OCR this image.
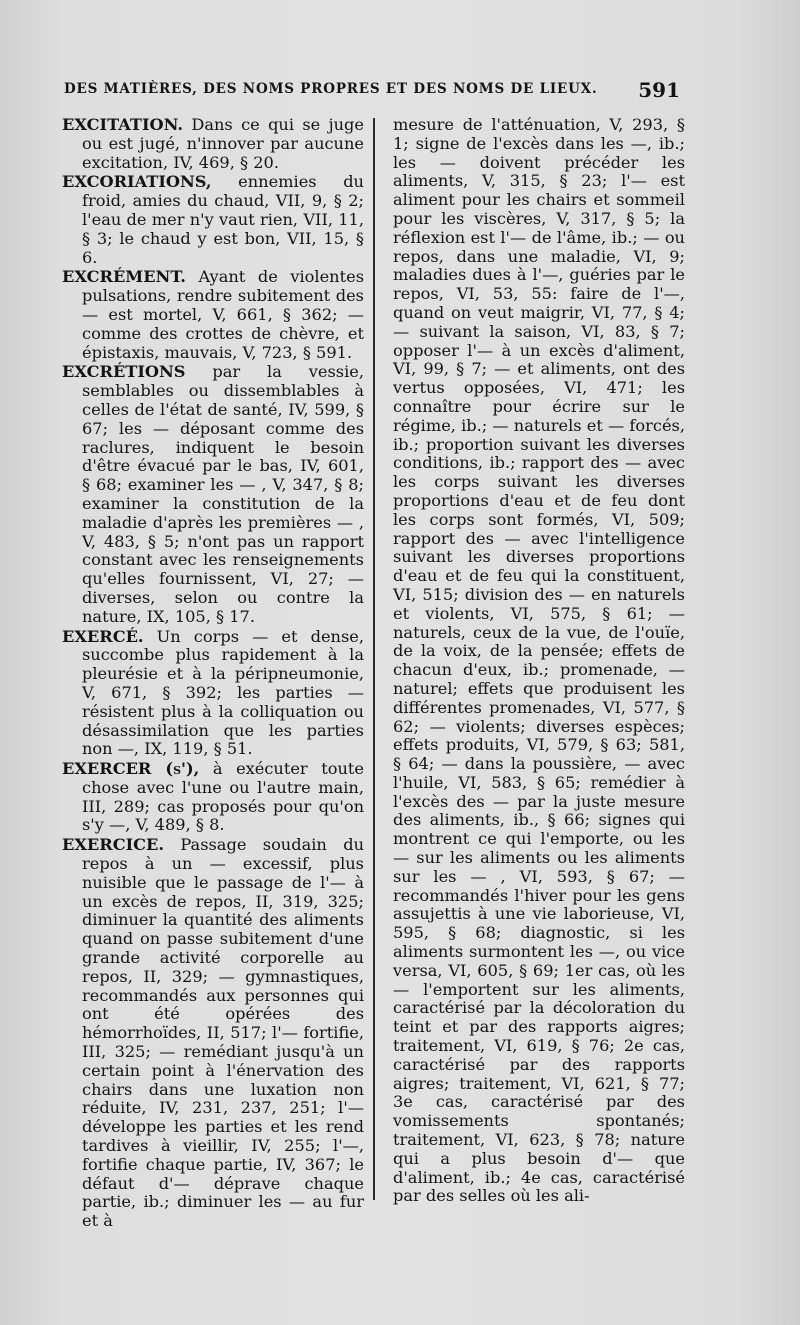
DES MATIÈRES, DES NOMS PROPRES ET DES NOMS DE LIEUX. 591

EXCITATION. Dans ce qui se juge ou est jugé, n'innover par aucune excitation, IV, 469, § 20.

EXCORIATIONS, ennemies du froid, amies du chaud, VII, 9, § 2; l'eau de mer n'y vaut rien, VII, 11, § 3; le chaud y est bon, VII, 15, § 6.

EXCRÉMENT. Ayant de violentes pulsations, rendre subitement des — est mortel, V, 661, § 362; — comme des crottes de chèvre, et épistaxis, mauvais, V, 723, § 591.

EXCRÉTIONS par la vessie, semblables ou dissemblables à celles de l'état de santé, IV, 599, § 67; les — déposant comme des raclures, indiquent le besoin d'être évacué par le bas, IV, 601, § 68; examiner les — , V, 347, § 8; examiner la constitution de la maladie d'après les premières — , V, 483, § 5; n'ont pas un rapport constant avec les renseignements qu'elles fournissent, VI, 27; — diverses, selon ou contre la nature, IX, 105, § 17.

EXERCÉ. Un corps — et dense, succombe plus rapidement à la pleurésie et à la péripneumonie, V, 671, § 392; les parties — résistent plus à la colliquation ou désassimilation que les parties non —, IX, 119, § 51.

EXERCER (s'), à exécuter toute chose avec l'une ou l'autre main, III, 289; cas proposés pour qu'on s'y —, V, 489, § 8.

EXERCICE. Passage soudain du repos à un — excessif, plus nuisible que le passage de l'— à un excès de repos, II, 319, 325; diminuer la quantité des aliments quand on passe subitement d'une grande activité corporelle au repos, II, 329; — gymnastiques, recommandés aux personnes qui ont été opérées des hémorrhoïdes, II, 517; l'— fortifie, III, 325; — remédiant jusqu'à un certain point à l'énervation des chairs dans une luxation non réduite, IV, 231, 237, 251; l'— développe les parties et les rend tardives à vieillir, IV, 255; l'—, fortifie chaque partie, IV, 367; le défaut d'— déprave chaque partie, ib.; diminuer les — au fur et à

mesure de l'atténuation, V, 293, § 1; signe de l'excès dans les —, ib.; les — doivent précéder les aliments, V, 315, § 23; l'— est aliment pour les chairs et sommeil pour les viscères, V, 317, § 5; la réflexion est l'— de l'âme, ib.; — ou repos, dans une maladie, VI, 9; maladies dues à l'—, guéries par le repos, VI, 53, 55: faire de l'—, quand on veut maigrir, VI, 77, § 4; — suivant la saison, VI, 83, § 7; opposer l'— à un excès d'aliment, VI, 99, § 7; — et aliments, ont des vertus opposées, VI, 471; les connaître pour écrire sur le régime, ib.; — naturels et — forcés, ib.; proportion suivant les diverses conditions, ib.; rapport des — avec les corps suivant les diverses proportions d'eau et de feu dont les corps sont formés, VI, 509; rapport des — avec l'intelligence suivant les diverses proportions d'eau et de feu qui la constituent, VI, 515; division des — en naturels et violents, VI, 575, § 61; — naturels, ceux de la vue, de l'ouïe, de la voix, de la pensée; effets de chacun d'eux, ib.; promenade, — naturel; effets que produisent les différentes promenades, VI, 577, § 62; — violents; diverses espèces; effets produits, VI, 579, § 63; 581, § 64; — dans la poussière, — avec l'huile, VI, 583, § 65; remédier à l'excès des — par la juste mesure des aliments, ib., § 66; signes qui montrent ce qui l'emporte, ou les — sur les aliments ou les aliments sur les — , VI, 593, § 67; — recommandés l'hiver pour les gens assujettis à une vie laborieuse, VI, 595, § 68; diagnostic, si les aliments surmontent les —, ou vice versa, VI, 605, § 69; 1er cas, où les — l'emportent sur les aliments, caractérisé par la décoloration du teint et par des rapports aigres; traitement, VI, 619, § 76; 2e cas, caractérisé par des rapports aigres; traitement, VI, 621, § 77; 3e cas, caractérisé par des vomissements spontanés; traitement, VI, 623, § 78; nature qui a plus besoin d'— que d'aliment, ib.; 4e cas, caractérisé par des selles où les ali-
